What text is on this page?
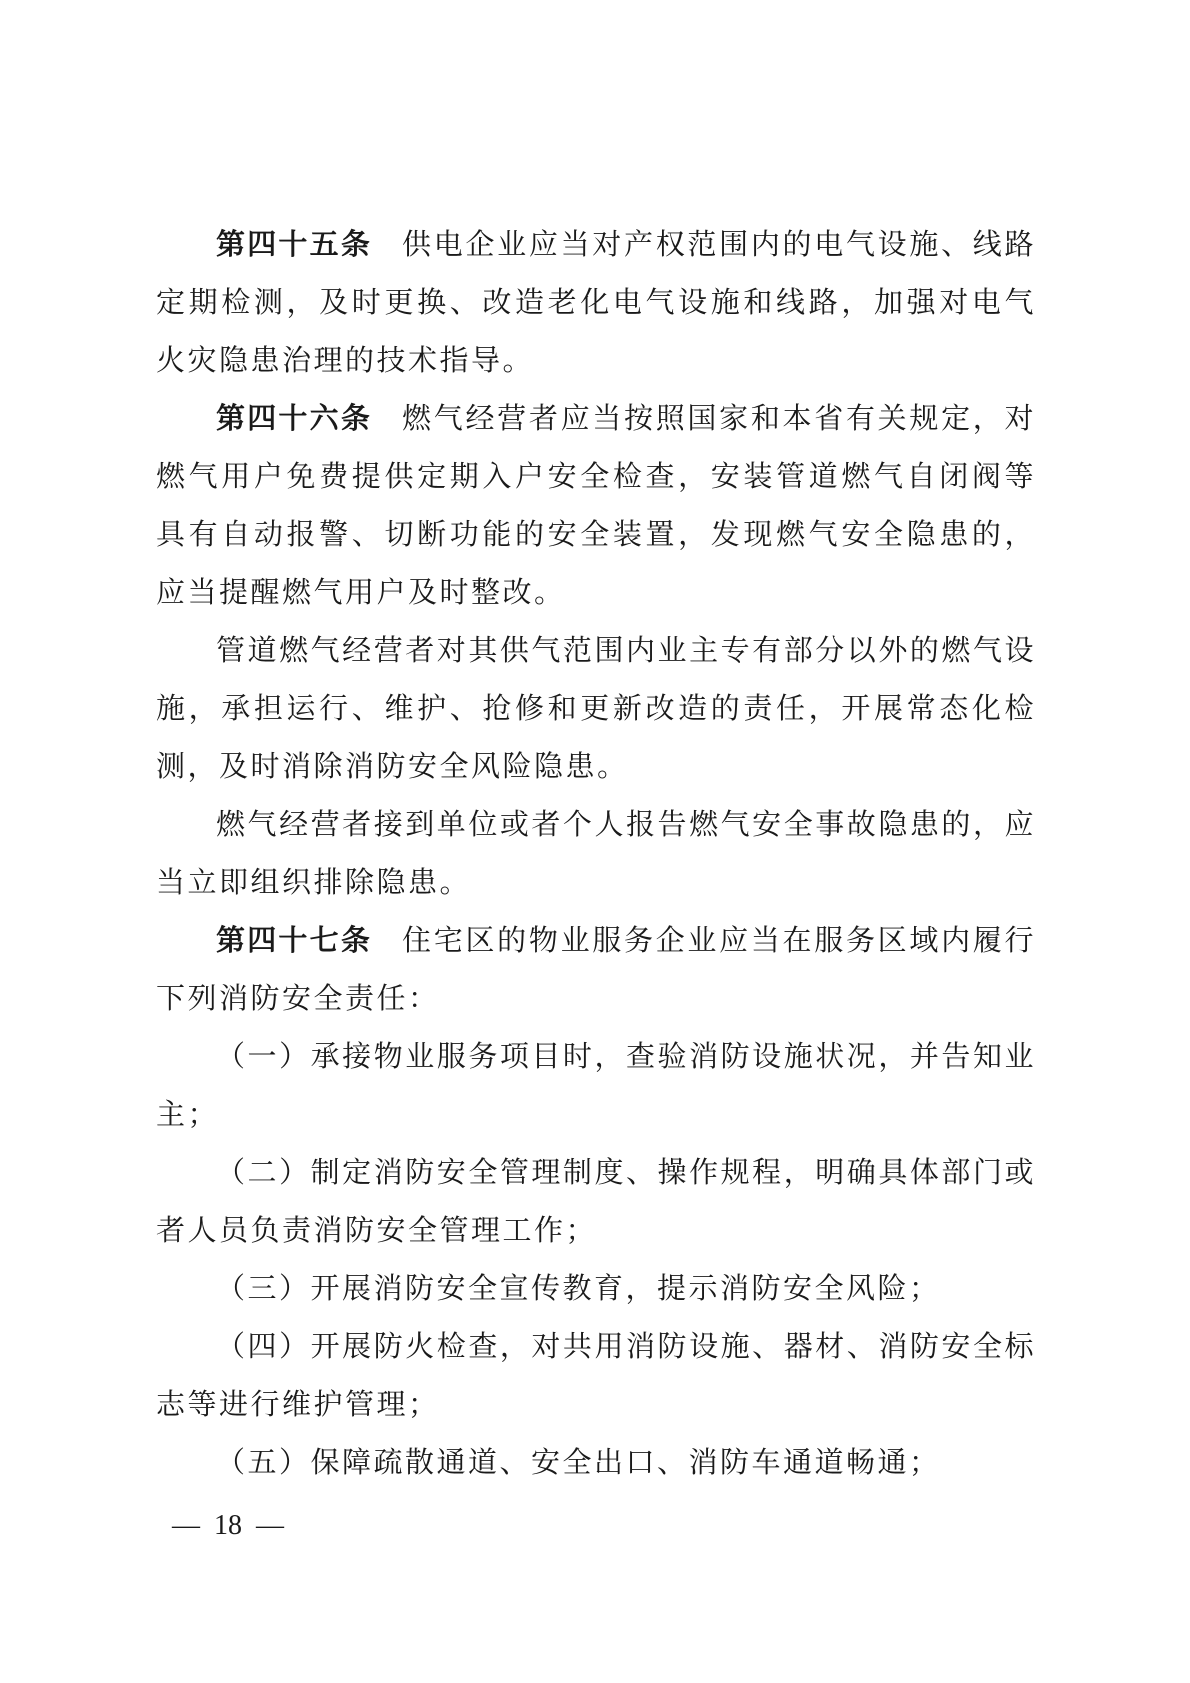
第四十五条 供电企业应当对产权范围内的电气设施、线路定期检测，及时更换、改造老化电气设施和线路，加强对电气火灾隐患治理的技术指导。

第四十六条 燃气经营者应当按照国家和本省有关规定，对燃气用户免费提供定期入户安全检查，安装管道燃气自闭阀等具有自动报警、切断功能的安全装置，发现燃气安全隐患的，应当提醒燃气用户及时整改。

管道燃气经营者对其供气范围内业主专有部分以外的燃气设施，承担运行、维护、抢修和更新改造的责任，开展常态化检测，及时消除消防安全风险隐患。

燃气经营者接到单位或者个人报告燃气安全事故隐患的，应当立即组织排除隐患。

第四十七条 住宅区的物业服务企业应当在服务区域内履行下列消防安全责任：

（一）承接物业服务项目时，查验消防设施状况，并告知业主；

（二）制定消防安全管理制度、操作规程，明确具体部门或者人员负责消防安全管理工作；

（三）开展消防安全宣传教育，提示消防安全风险；

（四）开展防火检查，对共用消防设施、器材、消防安全标志等进行维护管理；

（五）保障疏散通道、安全出口、消防车通道畅通；

—  18  —
